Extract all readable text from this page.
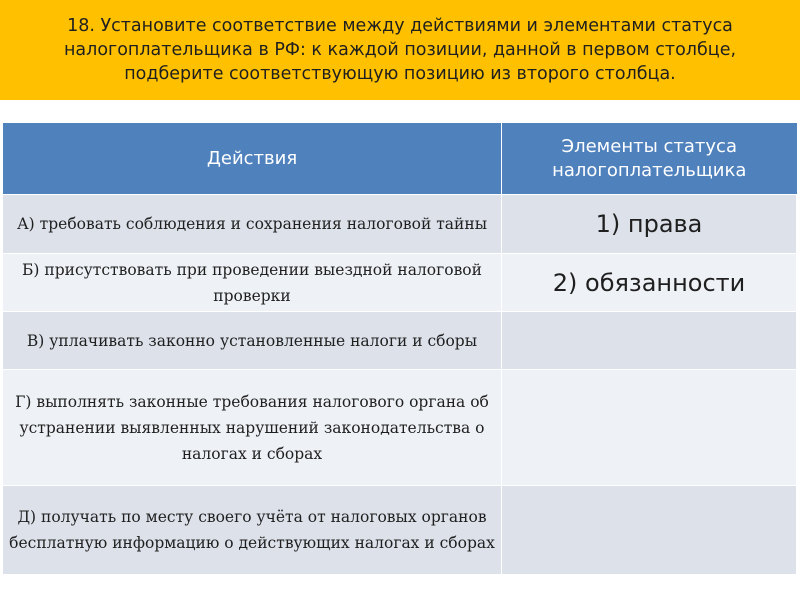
18. Установите соответствие между действиями и элементами статуса
налогоплательщика в РФ: к каждой позиции, данной в первом столбце,
подберите соответствующую позицию из второго столбца.

Действия	Элементы статуса налогоплательщика
А) требовать соблюдения и сохранения налоговой тайны	1) права
Б) присутствовать при проведении выездной налоговой проверки	2) обязанности
В) уплачивать законно установленные налоги и сборы	
Г) выполнять законные требования налогового органа об устранении выявленных нарушений законодательства о налогах и сборах	
Д) получать по месту своего учёта от налоговых органов бесплатную информацию о действующих налогах и сборах	
